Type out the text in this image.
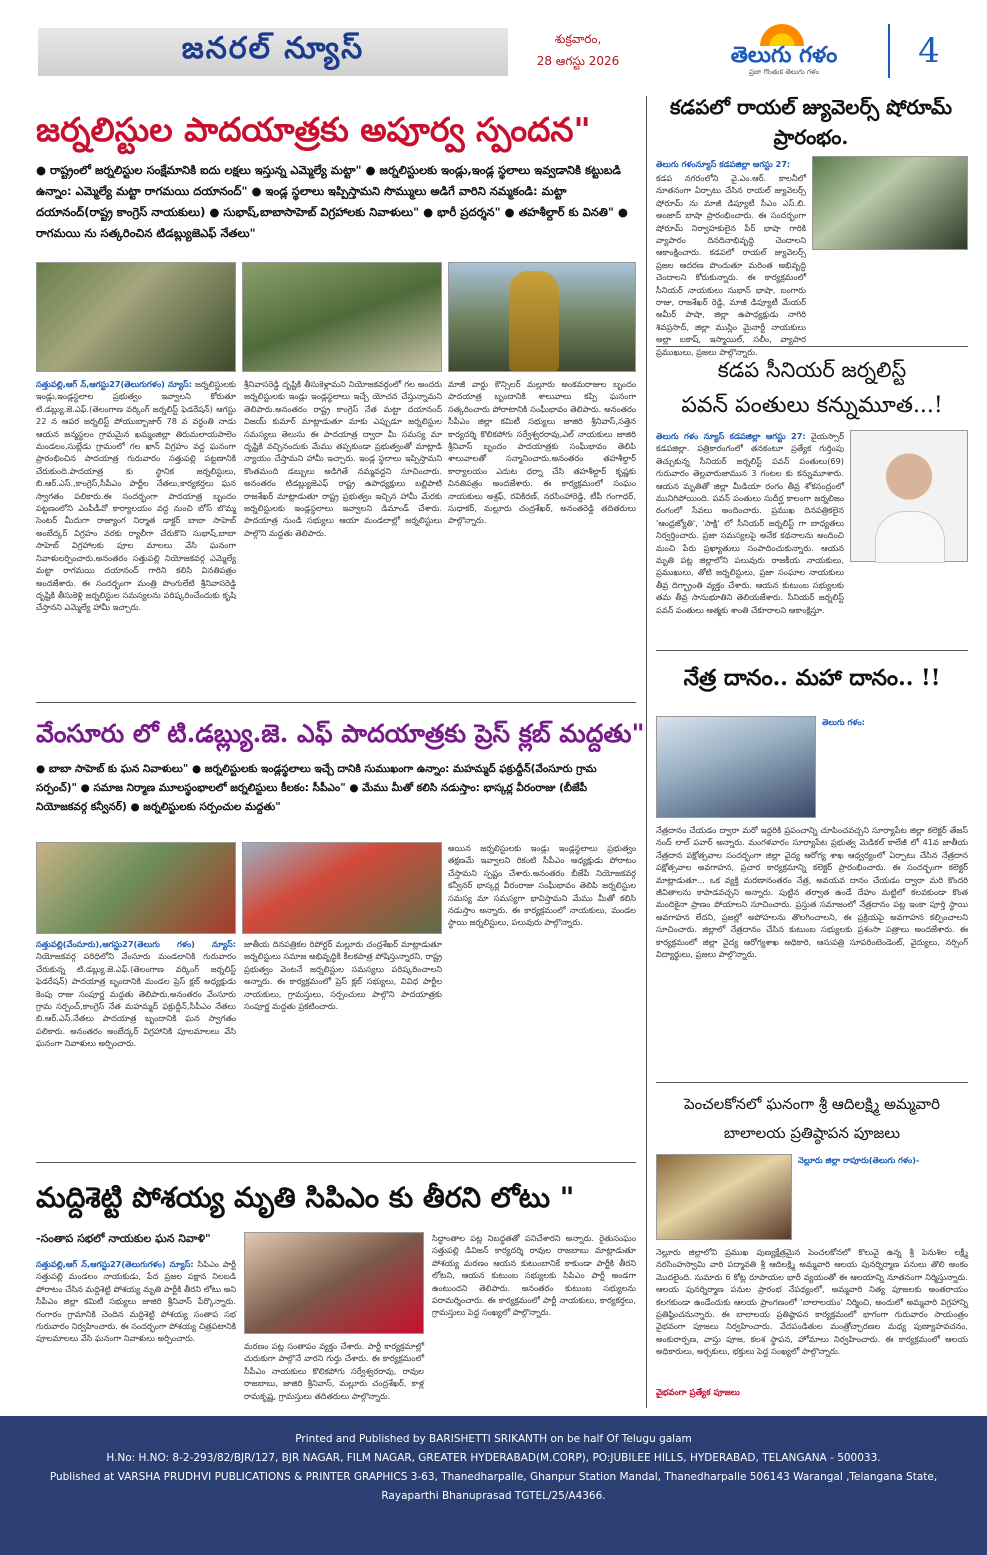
జనరల్ న్యూస్	శుక్రవారం,
28 ఆగస్టు 2026	తెలుగు గళం
ప్రజా గొంతుక తెలుగు గళం
4
జర్నలిస్టుల పాదయాత్రకు అపూర్వ స్పందన"
● రాష్ట్రంలో జర్నలిస్టుల సంక్షేమానికి ఐదు లక్షలు ఇస్తున్న ఎమ్మెల్యే మట్టా" ● జర్నలిస్టులకు ఇండ్లు,ఇండ్ల స్థలాలు ఇవ్వడానికి కట్టుబడి ఉన్నాం: ఎమ్మెల్యే మట్టా రాగమయి దయానంద్" ● ఇండ్ల స్థలాలు ఇప్పిస్తామని సొమ్ములు అడిగే వారిని నమ్మకండి: మట్టా దయానంద్(రాష్ట్ర కాంగ్రెస్ నాయకులు) ● సుభాష్,బాబాసాహెబ్ విగ్రహాలకు నివాళులు" ● భారీ ప్రదర్శన" ● తహశీల్దార్ కు వినతి" ● రాగమయి ను సత్కరించిన టిడబ్ల్యుజెఎఫ్ నేతలు"
సత్తుపల్లి,ఆగ్ న్‌,ఆగస్టు27(తెలుగుగళం) న్యూస్: జర్నలిస్టులకు ఇండ్లు,ఇండ్లస్థలాల ప్రభుత్వం ఇవ్వాలని కోరుతూ టి.డబ్ల్యు.జె.ఎఫ్.(తెలంగాణ వర్కింగ్ జర్నలిస్ట్ ఫెడరేషన్) ఆగస్టు 22 న ఆపర జర్నలిస్ట్ పోయుబ్బాజార్ 78 వ వర్ధంతి నాడు ఆయన జన్మస్థలం గ్రామమైన ఖమ్మంజిల్లా తిరుమలాయపాలెం మండలం,సుబ్లేడు గ్రామంలో గల ఖాన్ విగ్రహం వద్ద ఘనంగా ప్రారంభించిన పాదయాత్ర గురువారం సత్తుపల్లి పట్టణానికి చేరుకుంది.పాదయాత్ర కు స్థానిక జర్నలిస్టులు, బి.ఆర్.ఎస్.,కాంగ్రెస్,సీపీఎం పార్టీల నేతలు,కార్యకర్తలు ఘన స్వాగతం పలికారు.ఈ సందర్భంగా పాదయాత్ర బృందం పట్టణంలోని ఎంపీడీవో కార్యాలయం వద్ద నుంచి బోస్ బొమ్మ సెంటర్ మీదుగా రాజ్యాంగ నిర్మాత డాక్టర్ బాబా సాహెబ్ అంబేద్కర్ విగ్రహం వరకు ర్యాలీగా చేరుకొని సుభాష్,బాబా సాహెబ్ విగ్రహాలకు పూల మాలలు వేసి ఘనంగా నివాళులర్పించారు.అనంతరం సత్తుపల్లి నియోజకవర్గ ఎమ్మెల్యే మట్టా రాగమయి దయానంద్ గారిని కలిసి వినతిపత్రం అందజేశారు. ఈ సందర్భంగా మంత్రి పొంగులేటి శ్రీనివాసరెడ్డి దృష్టికి తీసుకెళ్లి జర్నలిస్టుల సమస్యలను పరిష్కరించేందుకు కృషి చేస్తానని ఎమ్మెల్యే హామీ ఇచ్చారు.
శ్రీనివాసరెడ్డి దృష్టికి తీసుకెళ్లామని నియోజకవర్గంలో గల అందరు జర్నలిస్టులకు ఇండ్లు ఇండ్లస్థలాలు ఇచ్చే యోచన చేస్తున్నామని తెలిపారు.అనంతరం రాష్ట్ర కాంగ్రెస్ నేత మట్టా దయానంద్ విజయ్ కుమార్ మాట్లాడుతూ మాకు ఎప్పుడూ జర్నలిస్టుల సమస్యలు తెలుసు ఈ పాదయాత్ర ద్వారా మీ సమస్య మా దృష్టికి వచ్చినందుకు మేము తప్పకుండా ప్రభుత్వంతో మాట్లాడి న్యాయం చేస్తామని హామీ ఇచ్చారు. ఇండ్ల స్థలాలు ఇప్పిస్తామని కొంతమంది డబ్బులు అడిగితే నమ్మవద్దని సూచించారు. అనంతరం టిడబ్ల్యుజెఎఫ్ రాష్ట్ర ఉపాధ్యక్షులు బల్లిపాటి రాజశేఖర్ మాట్లాడుతూ రాష్ట్ర ప్రభుత్వం ఇచ్చిన హామీ మేరకు జర్నలిస్టులకు ఇండ్లస్థలాలు ఇవ్వాలని డిమాండ్ చేశారు. పాదయాత్ర నుండి సభ్యులు ఆయా మండలాల్లో జర్నలిస్టులు పాల్గొని మద్దతు తెలిపారు.
మాజీ వార్డు కౌన్సిలర్ మల్లూరు అంకమరాజుల బృందం పాదయాత్ర బృందానికి శాలువాలు కప్పి ఘనంగా సత్కరించారు పోరాటానికి సంఘీభావం తెలిపారు. అనంతరం సీపీఎం జిల్లా కమిటీ సభ్యులు జాజిరి శ్రీనివాస్,సత్తెన కార్యదర్శి కొలికపోగు సర్వేశ్వరరావు,ఎల్ నాయకులు జాజిరి శ్రీనివాస్ బృందం పాదయాత్రకు సంఘీభావం తెలిపి శాలువాలతో సన్మానించారు.అనంతరం తహశీల్దార్ కార్యాలయం ఎదుట ధర్నా చేసి తహశీల్దార్ కృష్ణకు వినతిపత్రం అందజేశారు. ఈ కార్యక్రమంలో సంఘం నాయకులు అశ్రఫ్, రవికిరణ్, నరసింహారెడ్డి, టీపీ గంగాధర్, సుధాకర్, మల్లూరు చంద్రశేఖర్, అనంతరెడ్డి తదితరులు పాల్గొన్నారు.
వేంసూరు లో టి.డబ్ల్యు.జె. ఎఫ్ పాదయాత్రకు ప్రెస్ క్లబ్ మద్దతు"
● బాబా సాహెబ్ కు ఘన నివాళులు" ● జర్నలిస్టులకు ఇండ్లస్థలాలు ఇచ్చే దానికి సుముఖంగా ఉన్నాం: మహమ్మద్ ఫక్రుద్దీన్(వేంసూరు గ్రామ సర్పంచ్)" ● సమాజ నిర్మాణ మూలస్థంభాలలో జర్నలిస్టులు కీలకం: సీపీఎం" ● మేము మీతో కలిసి నడుస్తాం: భాస్కర్ల వీరంరాజు (బీజేపీ నియోజకవర్గ కన్వీనర్) ● జర్నలిస్టులకు సర్పంచుల మద్దతు"
సత్తుపల్లి(వేంసూరు),ఆగస్టు27(తెలుగు గళం) న్యూస్: నియోజకవర్గ పరిధిలోని వేంసూరు మండలానికి గురువారం చేరుకున్న టి.డబ్ల్యు.జె.ఎఫ్.(తెలంగాణ వర్కింగ్ జర్నలిస్ట్ ఫెడరేషన్) పాదయాత్ర బృందానికి మండల ప్రెస్ క్లబ్ అధ్యక్షుడు కెంపు రాజు సంపూర్ణ మద్దతు తెలిపారు.అనంతరం వేంసూరు గ్రామ సర్పంచ్,కాంగ్రెస్ నేత మహమ్మద్ ఫక్రుద్దీన్,సీపీఎం నేతలు బి.ఆర్.ఎస్.నేతలు పాదయాత్ర బృందానికి ఘన స్వాగతం పలికారు. అనంతరం అంబేద్కర్ విగ్రహానికి పూలమాలలు వేసి ఘనంగా నివాళులు అర్పించారు.
జాతీయ దినపత్రికల రిపోర్టర్ మల్లూరు చంద్రశేఖర్ మాట్లాడుతూ జర్నలిస్టులు సమాజ అభివృద్ధికి కీలకపాత్ర పోషిస్తున్నారని, రాష్ట్ర ప్రభుత్వం వెంటనే జర్నలిస్టుల సమస్యలు పరిష్కరించాలని అన్నారు. ఈ కార్యక్రమంలో ప్రెస్ క్లబ్ సభ్యులు, వివిధ పార్టీల నాయకులు, గ్రామస్తులు, సర్పంచులు పాల్గొని పాదయాత్రకు సంపూర్ణ మద్దతు ప్రకటించారు.
అయిన జర్నలిస్టులకు ఇండ్లు ఇండ్లస్థలాలు ప్రభుత్వం తక్షణమే ఇవ్వాలని రికంటి సీపీఎం అధ్యక్షుడు పోరాటం చేస్తామని స్పష్టం చేశారు.అనంతరం బీజేపీ నియోజకవర్గ కన్వీనర్ భాస్కర్ల వీరంరాజు సంఘీభావం తెలిపి జర్నలిస్టుల సమస్య మా సమస్యగా భావిస్తామని మేము మీతో కలిసి నడుస్తాం అన్నారు. ఈ కార్యక్రమంలో నాయకులు, మండల స్థాయి జర్నలిస్టులు, పలువురు పాల్గొన్నారు.
మద్దిశెట్టి పోశయ్య మృతి సిపిఎం కు తీరని లోటు "
-సంతాప సభలో నాయకుల ఘన నివాళి"
సత్తుపల్లి,ఆగ్ న్‌,ఆగస్టు27(తెలుగుగళం) న్యూస్: సిపిఎం పార్టీ సత్తుపల్లి మండలం నాయకుడు, పేద ప్రజల పక్షాన నిలబడి పోరాటం చేసిన మద్దిశెట్టి పోశయ్య మృతి పార్టీకి తీరని లోటు అని సీపీఎం జిల్లా కమిటీ సభ్యులు జాజిరి శ్రీనివాస్ పేర్కొన్నారు. గంగారం గ్రామానికి చెందిన మద్దిశెట్టి పోశయ్య సంతాప సభ గురువారం నిర్వహించారు. ఈ సందర్భంగా పోశయ్య చిత్రపటానికి పూలమాలలు వేసి ఘనంగా నివాళులు అర్పించారు.
మరణం పట్ల సంతాపం వ్యక్తం చేశారు. పార్టీ కార్యక్రమాల్లో చురుకుగా పాల్గొనే వారని గుర్తు చేశారు. ఈ కార్యక్రమంలో సీపీఎం నాయకులు కొలికపోగు సర్వేశ్వరరావు, రావుల రాజబాబు, జాజిరి శ్రీనివాస్, మల్లూరు చంద్రశేఖర్, కాళ్ల రామకృష్ణ, గ్రామస్తులు తదితరులు పాల్గొన్నారు.
సిద్ధాంతాల పట్ల నిబద్ధతతో పనిచేశారని అన్నారు. రైతుసంఘం సత్తుపల్లి డివిజన్ కార్యదర్శి రావుల రాజబాబు మాట్లాడుతూ పోశయ్య మరణం ఆయన కుటుంబానికే కాకుండా పార్టీకి తీరని లోటని, ఆయన కుటుంబ సభ్యులకు సిపిఎం పార్టీ అండగా ఉంటుందని తెలిపారు. అనంతరం కుటుంబ సభ్యులను పరామర్శించారు. ఈ కార్యక్రమంలో పార్టీ నాయకులు, కార్యకర్తలు, గ్రామస్తులు పెద్ద సంఖ్యలో పాల్గొన్నారు.
కడపలో రాయల్ జ్యువెలర్స్ షోరూమ్ ప్రారంభం.
తెలుగు గళంన్యూస్ కడపజిల్లా ఆగస్టు 27:
కడప నగరంలోని వై.ఎం.ఆర్. కాలనీలో నూతనంగా ఏర్పాటు చేసిన రాయల్ జ్యువెలర్స్ షోరూమ్ ను మాజీ డిప్యూటీ సీఎం ఎస్.బి. అంజాద్ బాషా ప్రారంభించారు. ఈ సందర్భంగా షోరూమ్ నిర్వాహకులైన పీర్ భాషా గారికి వ్యాపారం దినదినాభివృద్ధి చెందాలని ఆకాంక్షించారు. కడపలో రాయల్ జ్యువెలర్స్ ప్రజల ఆదరణ పొందుతూ మరింత అభివృద్ధి చెందాలని కోరుకున్నారు. ఈ కార్యక్రమంలో సీనియర్ నాయకులు సుభాన్ భాషా, బంగారు రాజు, రాజశేఖర్ రెడ్డి, మాజీ డిప్యూటీ మేయర్ అమీర్ పాషా, జిల్లా ఉపాధ్యక్షుడు నాగిరి శివప్రసాద్, జిల్లా ముస్లిం మైనార్టీ నాయకులు అల్లా బకాష్, ఇస్మాయిల్, సలీం, వ్యాపార ప్రముఖులు, ప్రజలు పాల్గొన్నారు.
కడప సీనియర్ జర్నలిస్ట్
పవన్ పంతులు కన్నుమూత...!
తెలుగు గళం న్యూస్ కడపజిల్లా ఆగస్టు 27: వైయస్సార్ కడపజిల్లా. పత్రికారంగంలో తనకంటూ ప్రత్యేక గుర్తింపు తెచ్చుకున్న సీనియర్ జర్నలిస్ట్ పవన్ పంతులు(69) గురువారం తెల్లవారుజామున 3 గంటల కు కన్నుమూశారు. ఆయన మృతితో జిల్లా మీడియా రంగం తీవ్ర శోకసంద్రంలో మునిగిపోయింది. పవన్ పంతులు సుదీర్ఘ కాలంగా జర్నలిజం రంగంలో సేవలు అందించారు. ప్రముఖ దినపత్రికలైన 'ఆంధ్రజ్యోతి', 'సాక్షి' లో సీనియర్ జర్నలిస్ట్ గా బాధ్యతలు నిర్వర్తించారు. ప్రజా సమస్యలపై అనేక కథనాలను అందించి మంచి పేరు ప్రఖ్యాతులు సంపాదించుకున్నారు. ఆయన మృతి పట్ల జిల్లాలోని పలువురు రాజకీయ నాయకులు, ప్రముఖులు, తోటి జర్నలిస్టులు, ప్రజా సంఘాల నాయకులు తీవ్ర దిగ్భ్రాంతి వ్యక్తం చేశారు. ఆయన కుటుంబ సభ్యులకు తమ తీవ్ర సానుభూతిని తెలియజేశారు. సీనియర్ జర్నలిస్ట్ పవన్ పంతులు ఆత్మకు శాంతి చేకూరాలని ఆకాంక్షిస్తూ.
నేత్ర దానం.. మహా దానం.. !!
తెలుగు గళం:
నేత్రదానం చేయడం ద్వారా మరో ఇద్దరికి ప్రపంచాన్ని చూపించవచ్చని సూర్యాపేట జిల్లా కలెక్టర్ తేజస్ నంద్ లాల్ పవార్ అన్నారు. మంగళవారం సూర్యాపేట ప్రభుత్వ మెడికల్ కాలేజీ లో 41వ జాతీయ నేత్రదాన పక్షోత్సవాల సందర్భంగా జిల్లా వైద్య ఆరోగ్య శాఖ ఆధ్వర్యంలో ఏర్పాటు చేసిన నేత్రదాన పక్షోత్సవాల అవగాహన, ప్రచార కార్యక్రమాన్ని కలెక్టర్ ప్రారంభించారు. ఈ సందర్భంగా కలెక్టర్ మాట్లాడుతూ... ఒక వ్యక్తి మరణానంతరం నేత్ర, అవయవ దానం చేయడం ద్వారా మరి కొందరి జీవితాలను కాపాడవచ్చని అన్నారు. పుట్టిన తర్వాత ఉండే దేహం మట్టిలో కలవకుండా కొంత మందికైనా ప్రాణం పోయాలని సూచించారు. ప్రస్తుత సమాజంలో నేత్రదానం పట్ల ఇంకా పూర్తి స్థాయి అవగాహన లేదని, ప్రజల్లో అపోహలను తొలగించాలని, ఈ ప్రక్రియపై అవగాహన కల్పించాలని సూచించారు. జిల్లాలో నేత్రదానం చేసిన కుటుంబ సభ్యులకు ప్రశంసా పత్రాలు అందజేశారు. ఈ కార్యక్రమంలో జిల్లా వైద్య ఆరోగ్యశాఖ అధికారి, ఆసుపత్రి సూపరింటెండెంట్, వైద్యులు, నర్సింగ్ విద్యార్థులు, ప్రజలు పాల్గొన్నారు.
పెంచలకోనలో ఘనంగా శ్రీ ఆదిలక్ష్మి అమ్మవారి బాలాలయ ప్రతిష్ఠాపన పూజలు
నెల్లూరు జిల్లా రాపూరు(తెలుగు గళం)-
నెల్లూరు జిల్లాలోని ప్రముఖ పుణ్యక్షేత్రమైన పెంచలకోనలో కొలువై ఉన్న శ్రీ పెనుశిల లక్ష్మీ నరసింహస్వామి వారి పద్మావతి శ్రీ ఆదిలక్ష్మి అమ్మవారి ఆలయ పునర్నిర్మాణ పనులు తొలి అంకం మొదలైంది. సుమారు 6 కోట్ల రూపాయల భారీ వ్యయంతో ఈ ఆలయాన్ని నూతనంగా నిర్మిస్తున్నారు. ఆలయ పునర్నిర్మాణ పనుల ప్రారంభ నేపథ్యంలో, అమ్మవారి నిత్య పూజలకు అంతరాయం కలగకుండా ఉండేందుకు ఆలయ ప్రాంగణంలో 'బాలాలయం' నిర్మించి, అందులో అమ్మవారి విగ్రహాన్ని ప్రతిష్ఠించనున్నారు. ఈ బాలాలయ ప్రతిష్ఠాపన కార్యక్రమంలో భాగంగా గురువారం సాయంత్రం వైభవంగా పూజలు నిర్వహించారు. వేదపండితుల మంత్రోచ్ఛారణల మధ్య పుణ్యాహవచనం, అంకురార్పణ, వాస్తు పూజ, కలశ స్థాపన, హోమాలు నిర్వహించారు. ఈ కార్యక్రమంలో ఆలయ అధికారులు, అర్చకులు, భక్తులు పెద్ద సంఖ్యలో పాల్గొన్నారు.
వైభవంగా ప్రత్యేక పూజలు
Printed and Published by BARISHETTI SRIKANTH on be half Of Telugu galam
H.No: H.NO: 8-2-293/82/BJR/127, BJR NAGAR, FILM NAGAR, GREATER HYDERABAD(M.CORP), PO:JUBILEE HILLS, HYDERABAD, TELANGANA - 500033.
Published at VARSHA PRUDHVI PUBLICATIONS & PRINTER GRAPHICS 3-63, Thanedharpalle, Ghanpur Station Mandal, Thanedharpalle 506143 Warangal ,Telangana State,
Rayaparthi Bhanuprasad TGTEL/25/A4366.
